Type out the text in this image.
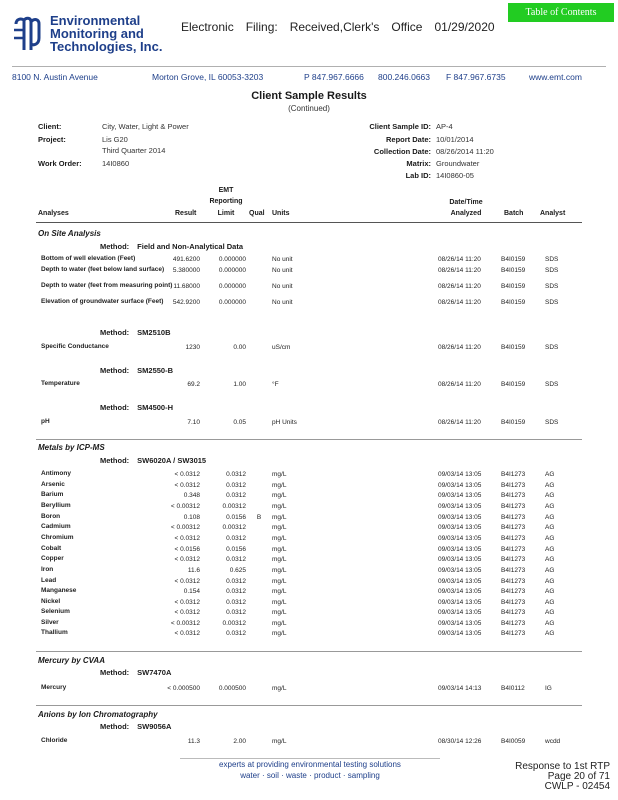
Environmental
Monitoring and
Technologies, Inc.
Electronic Filing: Received,Clerk's Office 01/29/2020
Table of Contents
8100 N. Austin Avenue	Morton Grove, IL 60053-3203	P 847.967.6666 800.246.0663 F 847.967.6735	www.emt.com
Client Sample Results
(Continued)
Client:	City, Water, Light & Power
Project:	Lis G20
Third Quarter 2014
Work Order:	14I0860
Client Sample ID: AP-4
Report Date: 10/01/2014
Collection Date: 08/26/2014 11:20
Matrix: Groundwater
Lab ID: 14I0860-05
Analyses	Result
EMT
Reporting
Limit	Qual Units
Date/Time
Analyzed	Batch Analyst
On Site Analysis
Method: Field and Non-Analytical Data
Method: SM2510B
Method: SM2550-B
Method: SM4500-H
Metals by ICP-MS
Method: SW6020A / SW3015
Mercury by CVAA
Method: SW7470A
Anions by Ion Chromatography
Method: SW9056A
Bottom of well elevation (Feet)	491.6200	0.000000	No unit	08/26/14 11:20	B4I0159	SDS
Depth to water (feet below land surface)	5.380000	0.000000	No unit	08/26/14 11:20	B4I0159	SDS
Depth to water (feet from measuring point) 11.68000	0.000000	No unit	08/26/14 11:20	B4I0159	SDS
Elevation of groundwater surface (Feet)	542.9200	0.000000	No unit	08/26/14 11:20	B4I0159	SDS
Specific Conductance	1230	0.00	uS/cm	08/26/14 11:20	B4I0159	SDS
Temperature	69.2	1.00	°F	08/26/14 11:20	B4I0159	SDS
pH	7.10	0.05	pH Units	08/26/14 11:20	B4I0159	SDS
Antimony	< 0.0312	0.0312	mg/L	09/03/14 13:05	B4I1273	AG
Arsenic	< 0.0312	0.0312	mg/L	09/03/14 13:05	B4I1273	AG
Barium	0.348	0.0312	mg/L	09/03/14 13:05	B4I1273	AG
Beryllium	< 0.00312	0.00312	mg/L	09/03/14 13:05	B4I1273	AG
Boron	0.108	0.0156	B	mg/L	09/03/14 13:05	B4I1273	AG
Cadmium	< 0.00312	0.00312	mg/L	09/03/14 13:05	B4I1273	AG
Chromium	< 0.0312	0.0312	mg/L	09/03/14 13:05	B4I1273	AG
Cobalt	< 0.0156	0.0156	mg/L	09/03/14 13:05	B4I1273	AG
Copper	< 0.0312	0.0312	mg/L	09/03/14 13:05	B4I1273	AG
Iron	11.6	0.625	mg/L	09/03/14 13:05	B4I1273	AG
Lead	< 0.0312	0.0312	mg/L	09/03/14 13:05	B4I1273	AG
Manganese	0.154	0.0312	mg/L	09/03/14 13:05	B4I1273	AG
Nickel	< 0.0312	0.0312	mg/L	09/03/14 13:05	B4I1273	AG
Selenium	< 0.0312	0.0312	mg/L	09/03/14 13:05	B4I1273	AG
Silver	< 0.00312	0.00312	mg/L	09/03/14 13:05	B4I1273	AG
Thallium	< 0.0312	0.0312	mg/L	09/03/14 13:05	B4I1273	AG
Mercury	< 0.000500	0.000500	mg/L	09/03/14 14:13	B4I0112	IG
Chloride	11.3	2.00	mg/L	08/30/14 12:26	B4I0059	wcdd
experts at providing environmental testing solutions
water · soil · waste · product · sampling
Response to 1st RTP
Page 20 of 71
CWLP - 02454
